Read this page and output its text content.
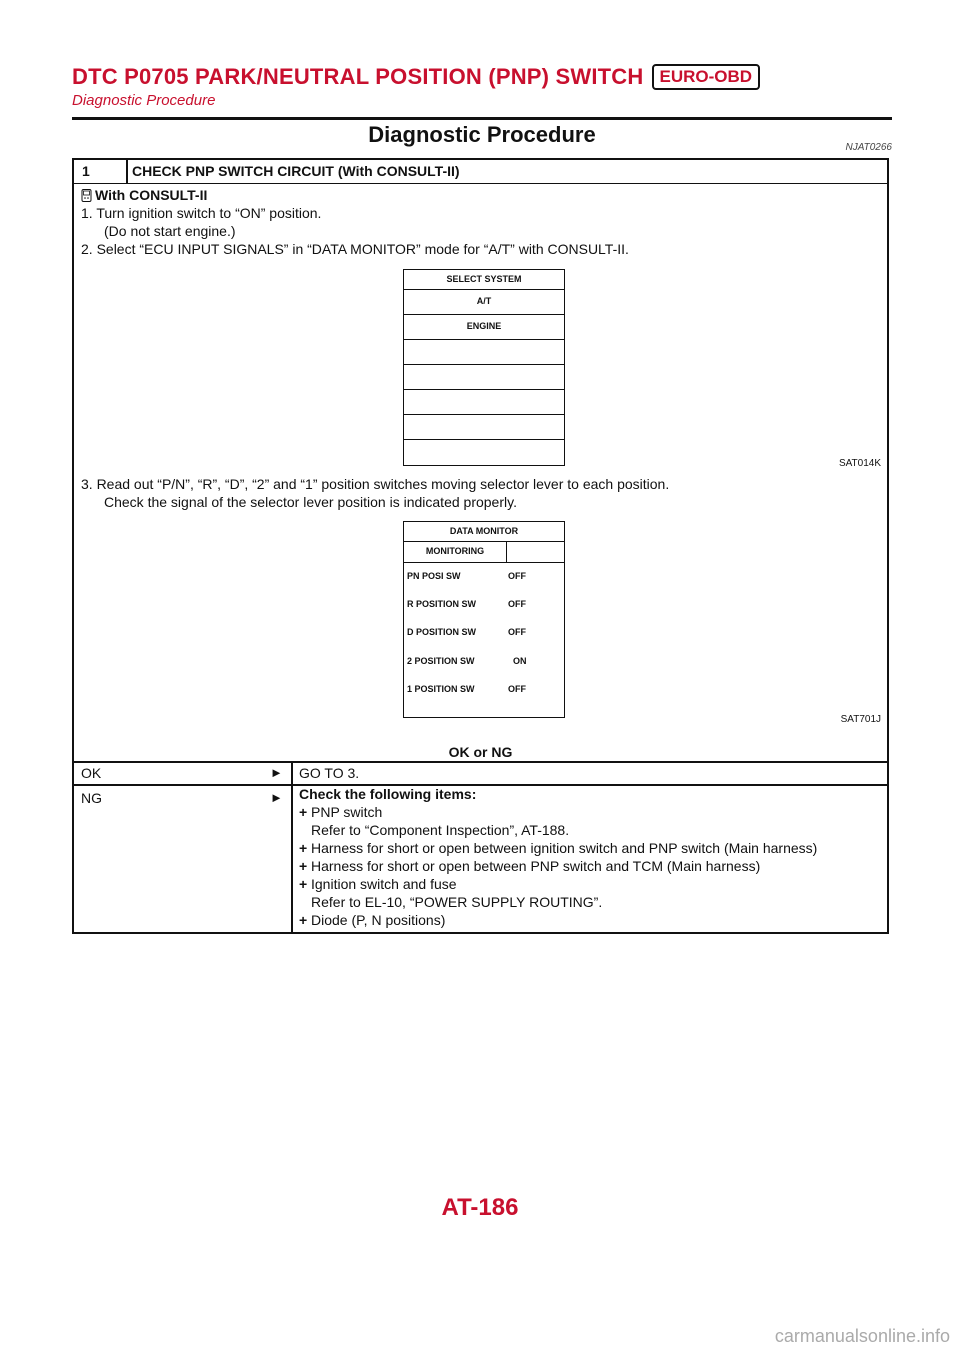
DTC P0705 PARK/NEUTRAL POSITION (PNP) SWITCH EURO-OBD
Diagnostic Procedure
Diagnostic Procedure
NJAT0266
1	CHECK PNP SWITCH CIRCUIT (With CONSULT-II)
With CONSULT-II
1. Turn ignition switch to “ON” position.
(Do not start engine.)
2. Select “ECU INPUT SIGNALS” in “DATA MONITOR” mode for “A/T” with CONSULT-II.
SELECT SYSTEM
A/T
ENGINE
SAT014K
3. Read out “P/N”, “R”, “D”, “2” and “1” position switches moving selector lever to each position.
Check the signal of the selector lever position is indicated properly.
DATA MONITOR
MONITORING
PN POSI SW	OFF
R POSITION SW	OFF
D POSITION SW	OFF
2 POSITION SW	ON
1 POSITION SW	OFF
SAT701J
OK or NG
OK	► GO TO 3.
NG	► Check the following items:
+ PNP switch
Refer to “Component Inspection”, AT-188.
+ Harness for short or open between ignition switch and PNP switch (Main harness)
+ Harness for short or open between PNP switch and TCM (Main harness)
+ Ignition switch and fuse
Refer to EL-10, “POWER SUPPLY ROUTING”.
+ Diode (P, N positions)
AT-186
carmanualsonline.info
